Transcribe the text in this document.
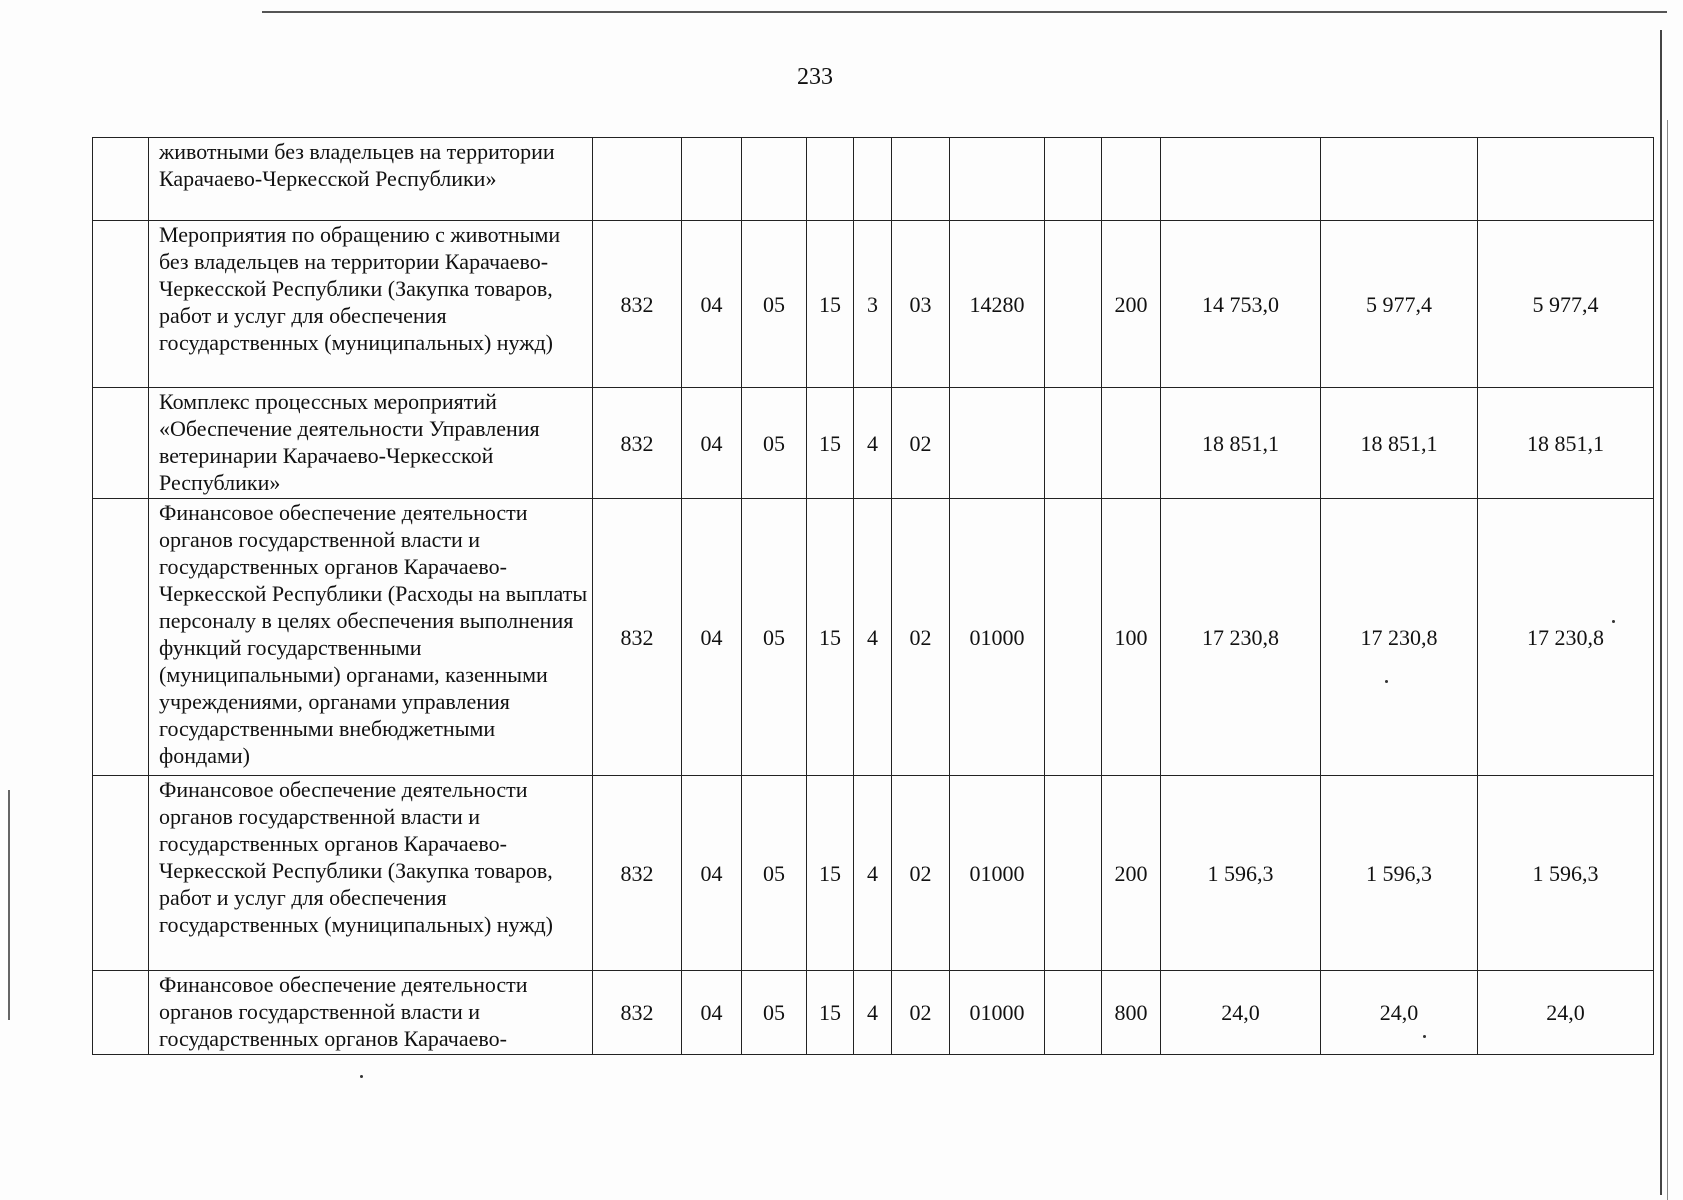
233
	животными без владельцев на территории Карачаево-Черкесской Республики»												
	Мероприятия по обращению с животными без владельцев на территории Карачаево-Черкесской Республики (Закупка товаров, работ и услуг для обеспечения государственных (муниципальных) нужд)	832	04	05	15	3	03	14280		200	14 753,0	5 977,4	5 977,4
	Комплекс процессных мероприятий «Обеспечение деятельности Управления ветеринарии Карачаево-Черкесской Республики»	832	04	05	15	4	02				18 851,1	18 851,1	18 851,1
	Финансовое обеспечение деятельности органов государственной власти и государственных органов Карачаево-Черкесской Республики (Расходы на выплаты персоналу в целях обеспечения выполнения функций государственными (муниципальными) органами, казенными учреждениями, органами управления государственными внебюджетными фондами)	832	04	05	15	4	02	01000		100	17 230,8	17 230,8	17 230,8
	Финансовое обеспечение деятельности органов государственной власти и государственных органов Карачаево-Черкесской Республики (Закупка товаров, работ и услуг для обеспечения государственных (муниципальных) нужд)	832	04	05	15	4	02	01000		200	1 596,3	1 596,3	1 596,3
	Финансовое обеспечение деятельности органов государственной власти и государственных органов Карачаево-	832	04	05	15	4	02	01000		800	24,0	24,0	24,0
